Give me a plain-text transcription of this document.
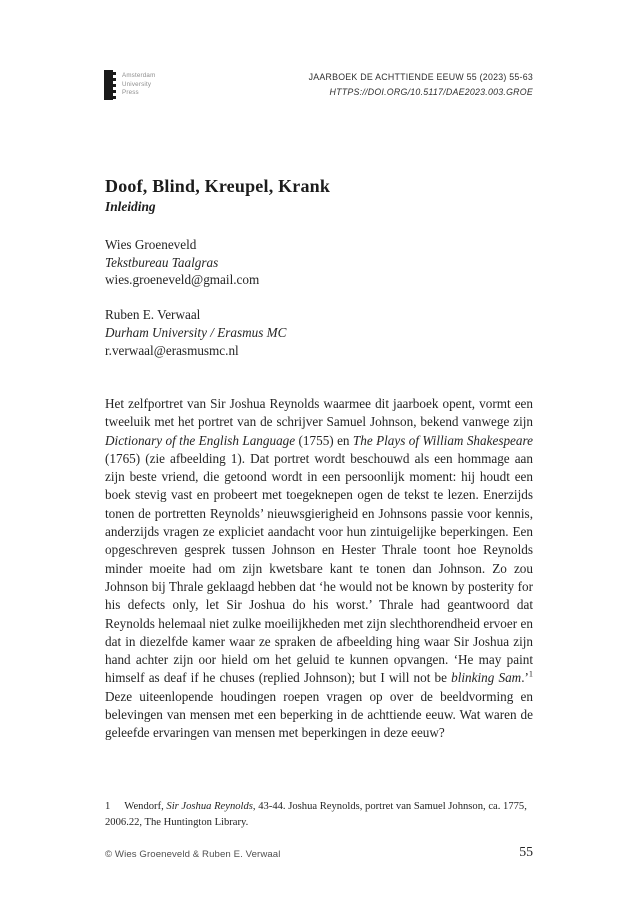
Amsterdam
University
Press
JAARBOEK DE ACHTTIENDE EEUW 55 (2023) 55-63
HTTPS://DOI.ORG/10.5117/DAE2023.003.GROE
Doof, Blind, Kreupel, Krank
Inleiding
Wies Groeneveld
Tekstbureau Taalgras
wies.groeneveld@gmail.com
Ruben E. Verwaal
Durham University / Erasmus MC
r.verwaal@erasmusmc.nl

Het zelfportret van Sir Joshua Reynolds waarmee dit jaarboek opent, vormt een tweeluik met het portret van de schrijver Samuel Johnson, bekend vanwege zijn Dictionary of the English Language (1755) en The Plays of William Shakespeare (1765) (zie afbeelding 1). Dat portret wordt beschouwd als een hommage aan zijn beste vriend, die getoond wordt in een persoonlijk moment: hij houdt een boek stevig vast en probeert met toegeknepen ogen de tekst te lezen. Enerzijds tonen de portretten Reynolds’ nieuwsgierigheid en Johnsons passie voor kennis, anderzijds vragen ze expliciet aandacht voor hun zintuigelijke beperkingen. Een opgeschreven gesprek tussen Johnson en Hester Thrale toont hoe Reynolds minder moeite had om zijn kwetsbare kant te tonen dan Johnson. Zo zou Johnson bij Thrale geklaagd hebben dat ‘he would not be known by posterity for his defects only, let Sir Joshua do his worst.’ Thrale had geantwoord dat Reynolds helemaal niet zulke moeilijkheden met zijn slechthorendheid ervoer en dat in diezelfde kamer waar ze spraken de afbeelding hing waar Sir Joshua zijn hand achter zijn oor hield om het geluid te kunnen opvangen. ‘He may paint himself as deaf if he chuses (replied Johnson); but I will not be blinking Sam.’$^1$ Deze uiteenlopende houdingen roepen vragen op over de beeldvorming en belevingen van mensen met een beperking in de achttiende eeuw. Wat waren de geleefde ervaringen van mensen met beperkingen in deze eeuw?

1 Wendorf, Sir Joshua Reynolds, 43-44. Joshua Reynolds, portret van Samuel Johnson, ca. 1775, 2006.22, The Huntington Library.

© Wies Groeneveld & Ruben E. Verwaal	55
